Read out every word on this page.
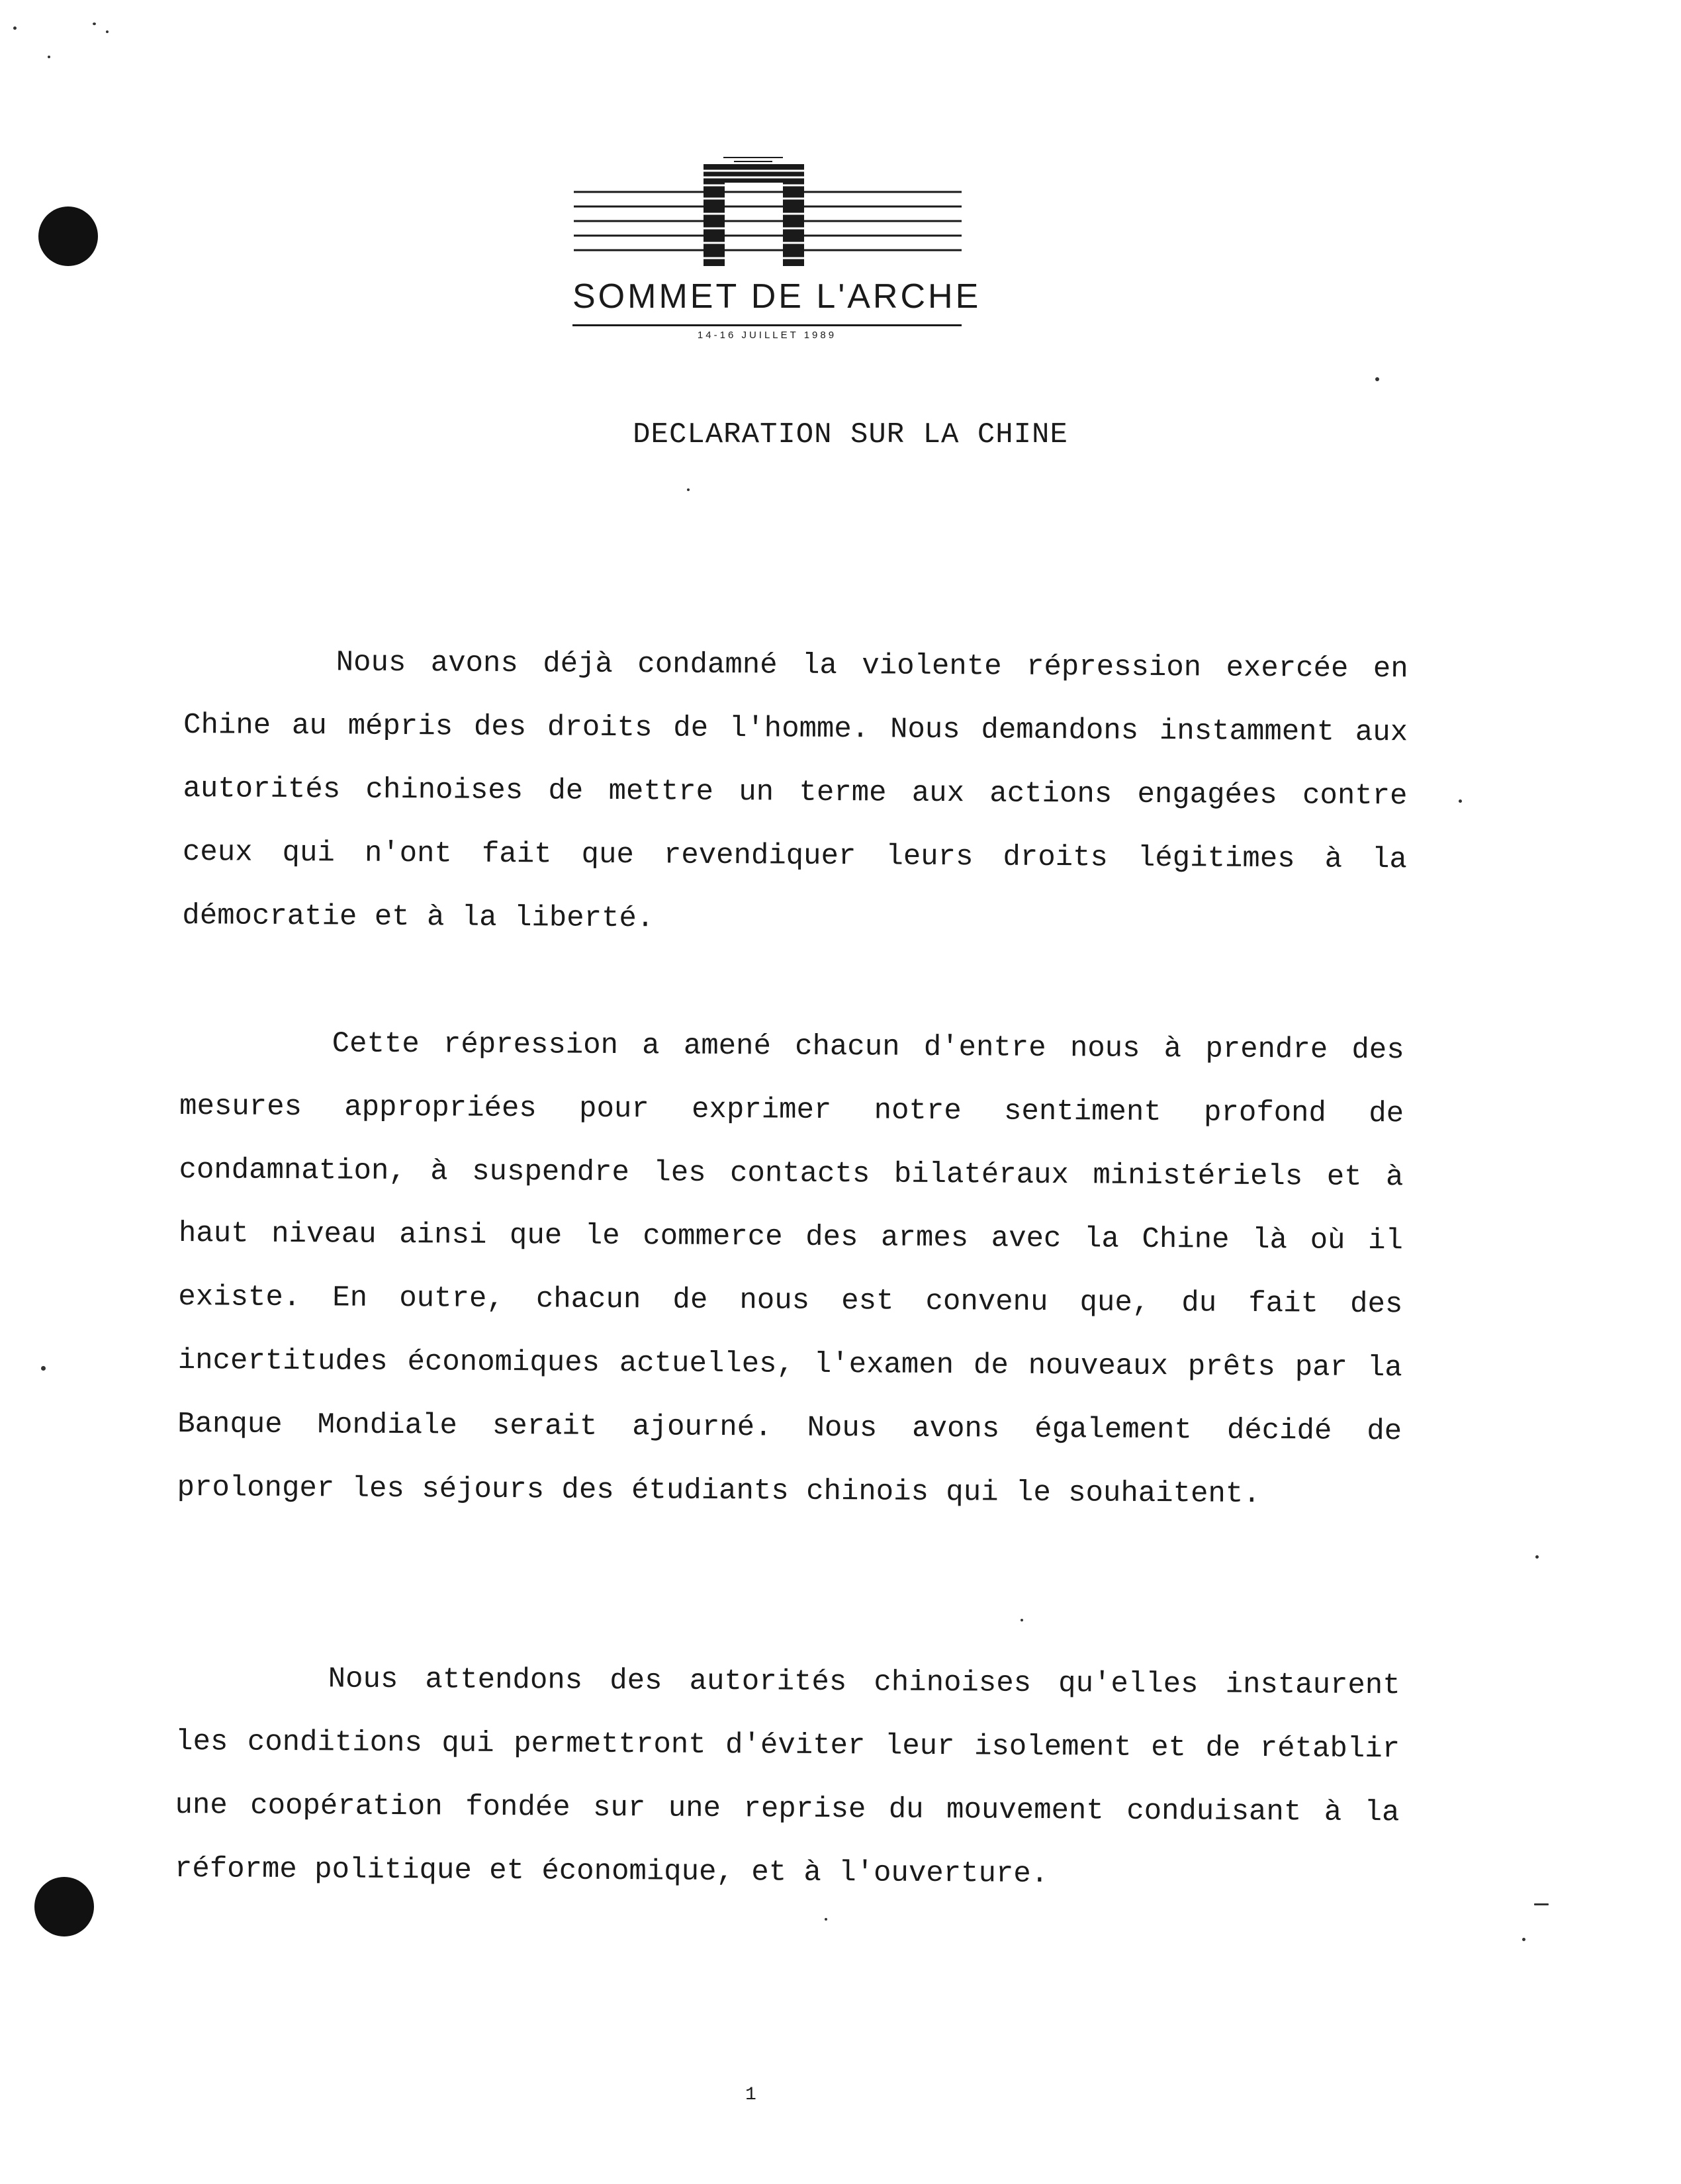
SOMMET DE L'ARCHE
14-16 JUILLET 1989
DECLARATION SUR LA CHINE

Nous avons déjà condamné la violente répression exercée en Chine au mépris des droits de l'homme. Nous demandons instamment aux autorités chinoises de mettre un terme aux actions engagées contre ceux qui n'ont fait que revendiquer leurs droits légitimes à la démocratie et à la liberté.

Cette répression a amené chacun d'entre nous à prendre des mesures appropriées pour exprimer notre sentiment profond de condamnation, à suspendre les contacts bilatéraux ministériels et à haut niveau ainsi que le commerce des armes avec la Chine là où il existe. En outre, chacun de nous est convenu que, du fait des incertitudes économiques actuelles, l'examen de nouveaux prêts par la Banque Mondiale serait ajourné. Nous avons également décidé de prolonger les séjours des étudiants chinois qui le souhaitent.

Nous attendons des autorités chinoises qu'elles instaurent les conditions qui permettront d'éviter leur isolement et de rétablir une coopération fondée sur une reprise du mouvement conduisant à la réforme politique et économique, et à l'ouverture.

1
